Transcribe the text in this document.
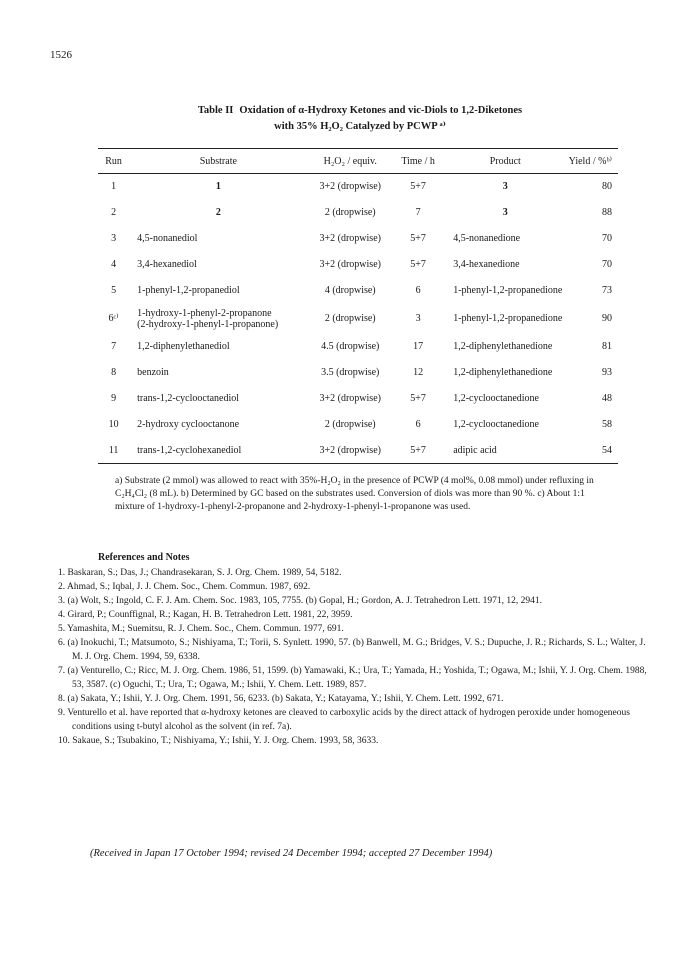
1526
Table II Oxidation of α-Hydroxy Ketones and vic-Diols to 1,2-Diketones
with 35% H₂O₂ Catalyzed by PCWP ᵃ⁾
Run	Substrate	H₂O₂ / equiv.	Time / h	Product	Yield / %ᵇ⁾
1	1	3+2 (dropwise)	5+7	3	80
2	2	2 (dropwise)	7	3	88
3	4,5-nonanediol	3+2 (dropwise)	5+7	4,5-nonanedione	70
4	3,4-hexanediol	3+2 (dropwise)	5+7	3,4-hexanedione	70
5	1-phenyl-1,2-propanediol	4 (dropwise)	6	1-phenyl-1,2-propanedione	73
6ᶜ⁾	1-hydroxy-1-phenyl-2-propanone
(2-hydroxy-1-phenyl-1-propanone)	2 (dropwise)	3	1-phenyl-1,2-propanedione	90
7	1,2-diphenylethanediol	4.5 (dropwise)	17	1,2-diphenylethanedione	81
8	benzoin	3.5 (dropwise)	12	1,2-diphenylethanedione	93
9	trans-1,2-cyclooctanediol	3+2 (dropwise)	5+7	1,2-cyclooctanedione	48
10	2-hydroxy cyclooctanone	2 (dropwise)	6	1,2-cyclooctanedione	58
11	trans-1,2-cyclohexanediol	3+2 (dropwise)	5+7	adipic acid	54
a) Substrate (2 mmol) was allowed to react with 35%-H₂O₂ in the presence of PCWP (4 mol%, 0.08 mmol) under refluxing in C₂H₄Cl₂ (8 mL). b) Determined by GC based on the substrates used. Conversion of diols was more than 90 %. c) About 1:1 mixture of 1-hydroxy-1-phenyl-2-propanone and 2-hydroxy-1-phenyl-1-propanone was used.
References and Notes
1. Baskaran, S.; Das, J.; Chandrasekaran, S. J. Org. Chem. 1989, 54, 5182.
2. Ahmad, S.; Iqbal, J. J. Chem. Soc., Chem. Commun. 1987, 692.
3. (a) Wolt, S.; Ingold, C. F. J. Am. Chem. Soc. 1983, 105, 7755. (b) Gopal, H.; Gordon, A. J. Tetrahedron Lett. 1971, 12, 2941.
4. Girard, P.; Counffignal, R.; Kagan, H. B. Tetrahedron Lett. 1981, 22, 3959.
5. Yamashita, M.; Suemitsu, R. J. Chem. Soc., Chem. Commun. 1977, 691.
6. (a) Inokuchi, T.; Matsumoto, S.; Nishiyama, T.; Torii, S. Synlett. 1990, 57. (b) Banwell, M. G.; Bridges, V. S.; Dupuche, J. R.; Richards, S. L.; Walter, J. M. J. Org. Chem. 1994, 59, 6338.
7. (a) Venturello, C.; Ricc, M. J. Org. Chem. 1986, 51, 1599. (b) Yamawaki, K.; Ura, T.; Yamada, H.; Yoshida, T.; Ogawa, M.; Ishii, Y. J. Org. Chem. 1988, 53, 3587. (c) Oguchi, T.; Ura, T.; Ogawa, M.; Ishii, Y. Chem. Lett. 1989, 857.
8. (a) Sakata, Y.; Ishii, Y. J. Org. Chem. 1991, 56, 6233. (b) Sakata, Y.; Katayama, Y.; Ishii, Y. Chem. Lett. 1992, 671.
9. Venturello et al. have reported that α-hydroxy ketones are cleaved to carboxylic acids by the direct attack of hydrogen peroxide under homogeneous conditions using t-butyl alcohol as the solvent (in ref. 7a).
10. Sakaue, S.; Tsubakino, T.; Nishiyama, Y.; Ishii, Y. J. Org. Chem. 1993, 58, 3633.
(Received in Japan 17 October 1994; revised 24 December 1994; accepted 27 December 1994)
